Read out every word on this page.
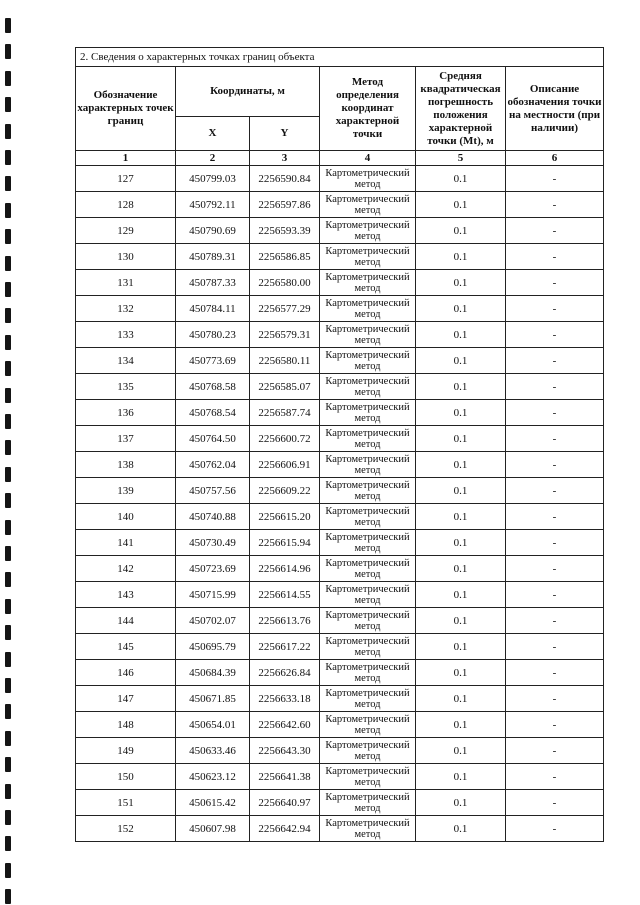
2. Сведения о характерных точках границ объекта					
Обозначение характерных точек границ	Координаты, м		Метод определения координат характерной точки	Средняя квадратическая погрешность положения характерной точки (Mt), м	Описание обозначения точки на местности (при наличии)
	X	Y			
1	2	3	4	5	6
127	450799.03	2256590.84	Картометрический метод	0.1	-
128	450792.11	2256597.86	Картометрический метод	0.1	-
129	450790.69	2256593.39	Картометрический метод	0.1	-
130	450789.31	2256586.85	Картометрический метод	0.1	-
131	450787.33	2256580.00	Картометрический метод	0.1	-
132	450784.11	2256577.29	Картометрический метод	0.1	-
133	450780.23	2256579.31	Картометрический метод	0.1	-
134	450773.69	2256580.11	Картометрический метод	0.1	-
135	450768.58	2256585.07	Картометрический метод	0.1	-
136	450768.54	2256587.74	Картометрический метод	0.1	-
137	450764.50	2256600.72	Картометрический метод	0.1	-
138	450762.04	2256606.91	Картометрический метод	0.1	-
139	450757.56	2256609.22	Картометрический метод	0.1	-
140	450740.88	2256615.20	Картометрический метод	0.1	-
141	450730.49	2256615.94	Картометрический метод	0.1	-
142	450723.69	2256614.96	Картометрический метод	0.1	-
143	450715.99	2256614.55	Картометрический метод	0.1	-
144	450702.07	2256613.76	Картометрический метод	0.1	-
145	450695.79	2256617.22	Картометрический метод	0.1	-
146	450684.39	2256626.84	Картометрический метод	0.1	-
147	450671.85	2256633.18	Картометрический метод	0.1	-
148	450654.01	2256642.60	Картометрический метод	0.1	-
149	450633.46	2256643.30	Картометрический метод	0.1	-
150	450623.12	2256641.38	Картометрический метод	0.1	-
151	450615.42	2256640.97	Картометрический метод	0.1	-
152	450607.98	2256642.94	Картометрический метод	0.1	-
